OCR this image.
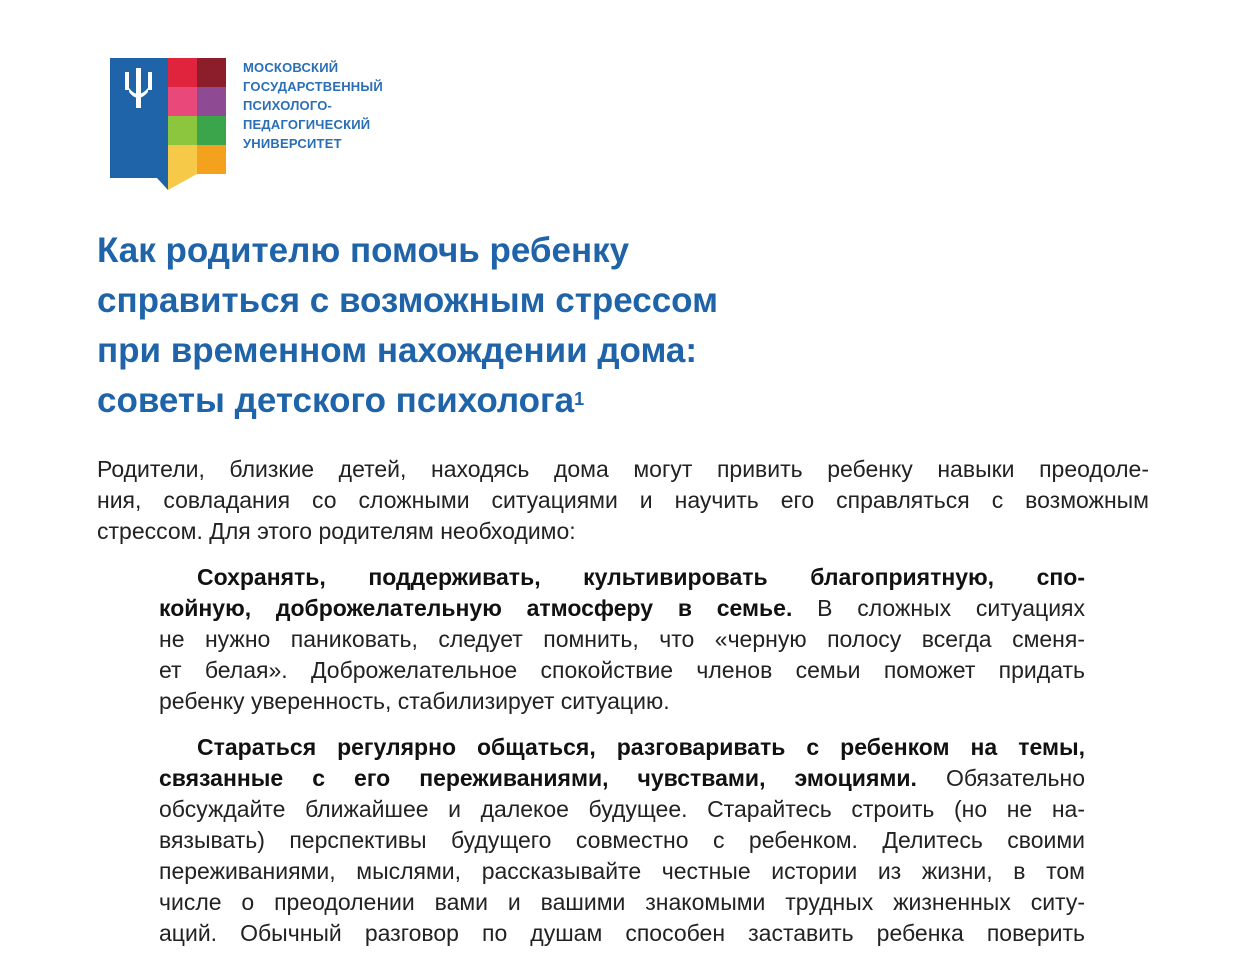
МОСКОВСКИЙ
ГОСУДАРСТВЕННЫЙ
ПСИХОЛОГО-
ПЕДАГОГИЧЕСКИЙ
УНИВЕРСИТЕТ
Как родителю помочь ребенку
справиться с возможным стрессом
при временном нахождении дома:
советы детского психолога$^1$

Родители, близкие детей, находясь дома могут привить ребенку навыки преодоле-
ния, совладания со сложными ситуациями и научить его справляться с возможным
стрессом. Для этого родителям необходимо:

Сохранять, поддерживать, культивировать благоприятную, спо-
койную, доброжелательную атмосферу в семье. В сложных ситуациях
не нужно паниковать, следует помнить, что «черную полосу всегда сменя-
ет белая». Доброжелательное спокойствие членов семьи поможет придать
ребенку уверенность, стабилизирует ситуацию.

Стараться регулярно общаться, разговаривать с ребенком на темы,
связанные с его переживаниями, чувствами, эмоциями. Обязательно
обсуждайте ближайшее и далекое будущее. Старайтесь строить (но не на-
вязывать) перспективы будущего совместно с ребенком. Делитесь своими
переживаниями, мыслями, рассказывайте честные истории из жизни, в том
числе о преодолении вами и вашими знакомыми трудных жизненных ситу-
аций. Обычный разговор по душам способен заставить ребенка поверить
